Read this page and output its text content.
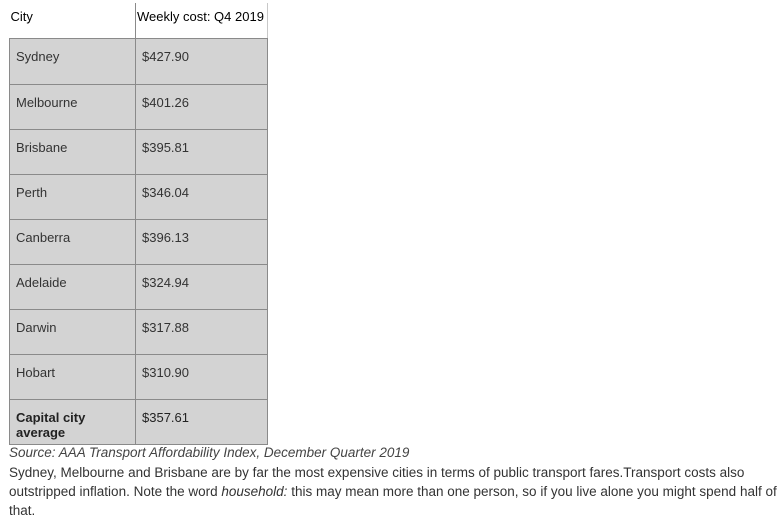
City	Weekly cost: Q4 2019
Sydney	$427.90
Melbourne	$401.26
Brisbane	$395.81
Perth	$346.04
Canberra	$396.13
Adelaide	$324.94
Darwin	$317.88
Hobart	$310.90
Capital city average	$357.61
Source: AAA Transport Affordability Index, December Quarter 2019

Sydney, Melbourne and Brisbane are by far the most expensive cities in terms of public transport fares.Transport costs also outstripped inflation. Note the word household: this may mean more than one person, so if you live alone you might spend half of that.
